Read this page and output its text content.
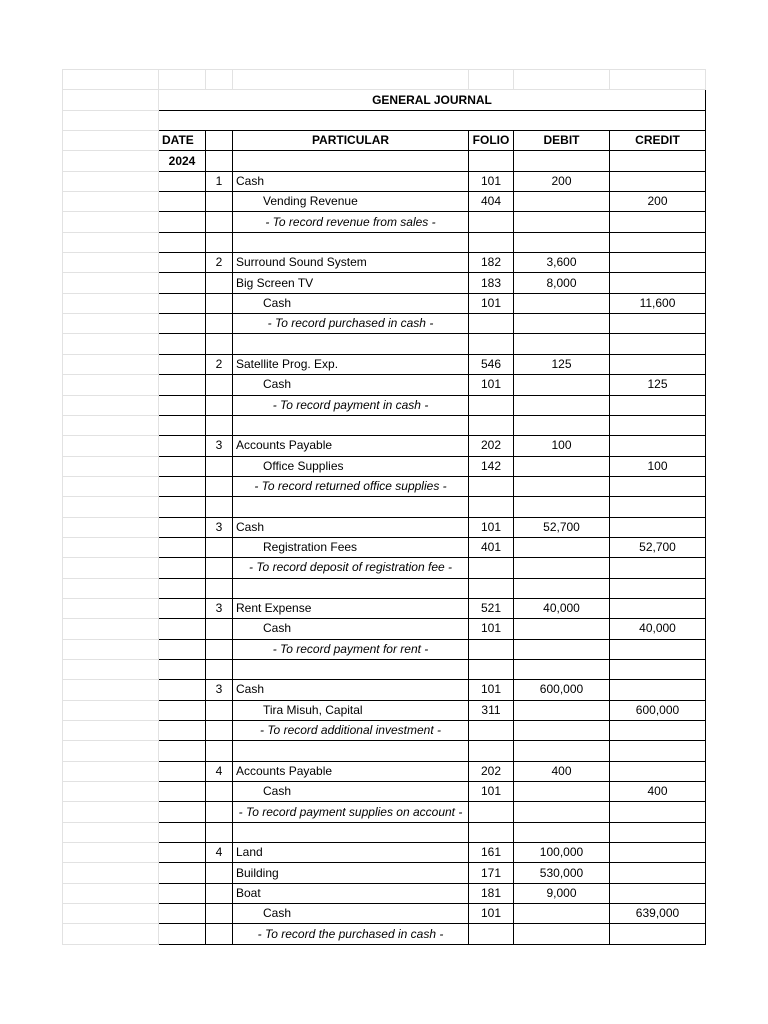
	GENERAL JOURNAL					

	DATE		PARTICULAR	FOLIO	DEBIT	CREDIT
	2024					
		1	Cash	101	200	
			Vending Revenue	404		200
			- To record revenue from sales -			

		2	Surround Sound System	182	3,600	
			Big Screen TV	183	8,000	
			Cash	101		11,600
			- To record purchased in cash -			

		2	Satellite Prog. Exp.	546	125	
			Cash	101		125
			- To record payment in cash -			

		3	Accounts Payable	202	100	
			Office Supplies	142		100
			- To record returned office supplies -			

		3	Cash	101	52,700	
			Registration Fees	401		52,700
			- To record deposit of registration fee -			

		3	Rent Expense	521	40,000	
			Cash	101		40,000
			- To record payment for rent -			

		3	Cash	101	600,000	
			Tira Misuh, Capital	311		600,000
			- To record additional investment -			

		4	Accounts Payable	202	400	
			Cash	101		400
			- To record payment supplies on account -			

		4	Land	161	100,000	
			Building	171	530,000	
			Boat	181	9,000	
			Cash	101		639,000
			- To record the purchased in cash -			
